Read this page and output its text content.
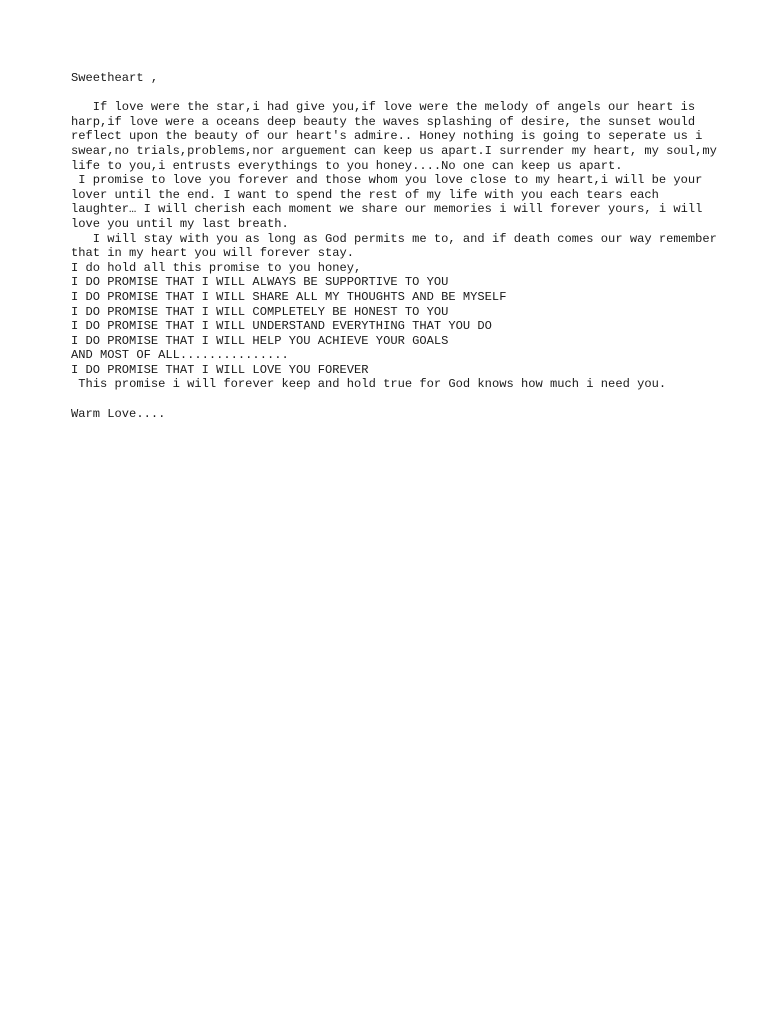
Sweetheart ,

If love were the star,i had give you,if love were the melody of angels our heart is harp,if love were a oceans deep beauty the waves splashing of desire, the sunset would reflect upon the beauty of our heart's admire.. Honey nothing is going to seperate us i swear,no trials,problems,nor arguement can keep us apart.I surrender my heart, my soul,my life to you,i entrusts everythings to you honey....No one can keep us apart.

I promise to love you forever and those whom you love close to my heart,i will be your lover until the end. I want to spend the rest of my life with you each tears each laughter… I will cherish each moment we share our memories i will forever yours, i will love you until my last breath.

I will stay with you as long as God permits me to, and if death comes our way remember that in my heart you will forever stay.

I do hold all this promise to you honey,

I DO PROMISE THAT I WILL ALWAYS BE SUPPORTIVE TO YOU

I DO PROMISE THAT I WILL SHARE ALL MY THOUGHTS AND BE MYSELF

I DO PROMISE THAT I WILL COMPLETELY BE HONEST TO YOU

I DO PROMISE THAT I WILL UNDERSTAND EVERYTHING THAT YOU DO

I DO PROMISE THAT I WILL HELP YOU ACHIEVE YOUR GOALS

AND MOST OF ALL...............

I DO PROMISE THAT I WILL LOVE YOU FOREVER

This promise i will forever keep and hold true for God knows how much i need you.

Warm Love....
